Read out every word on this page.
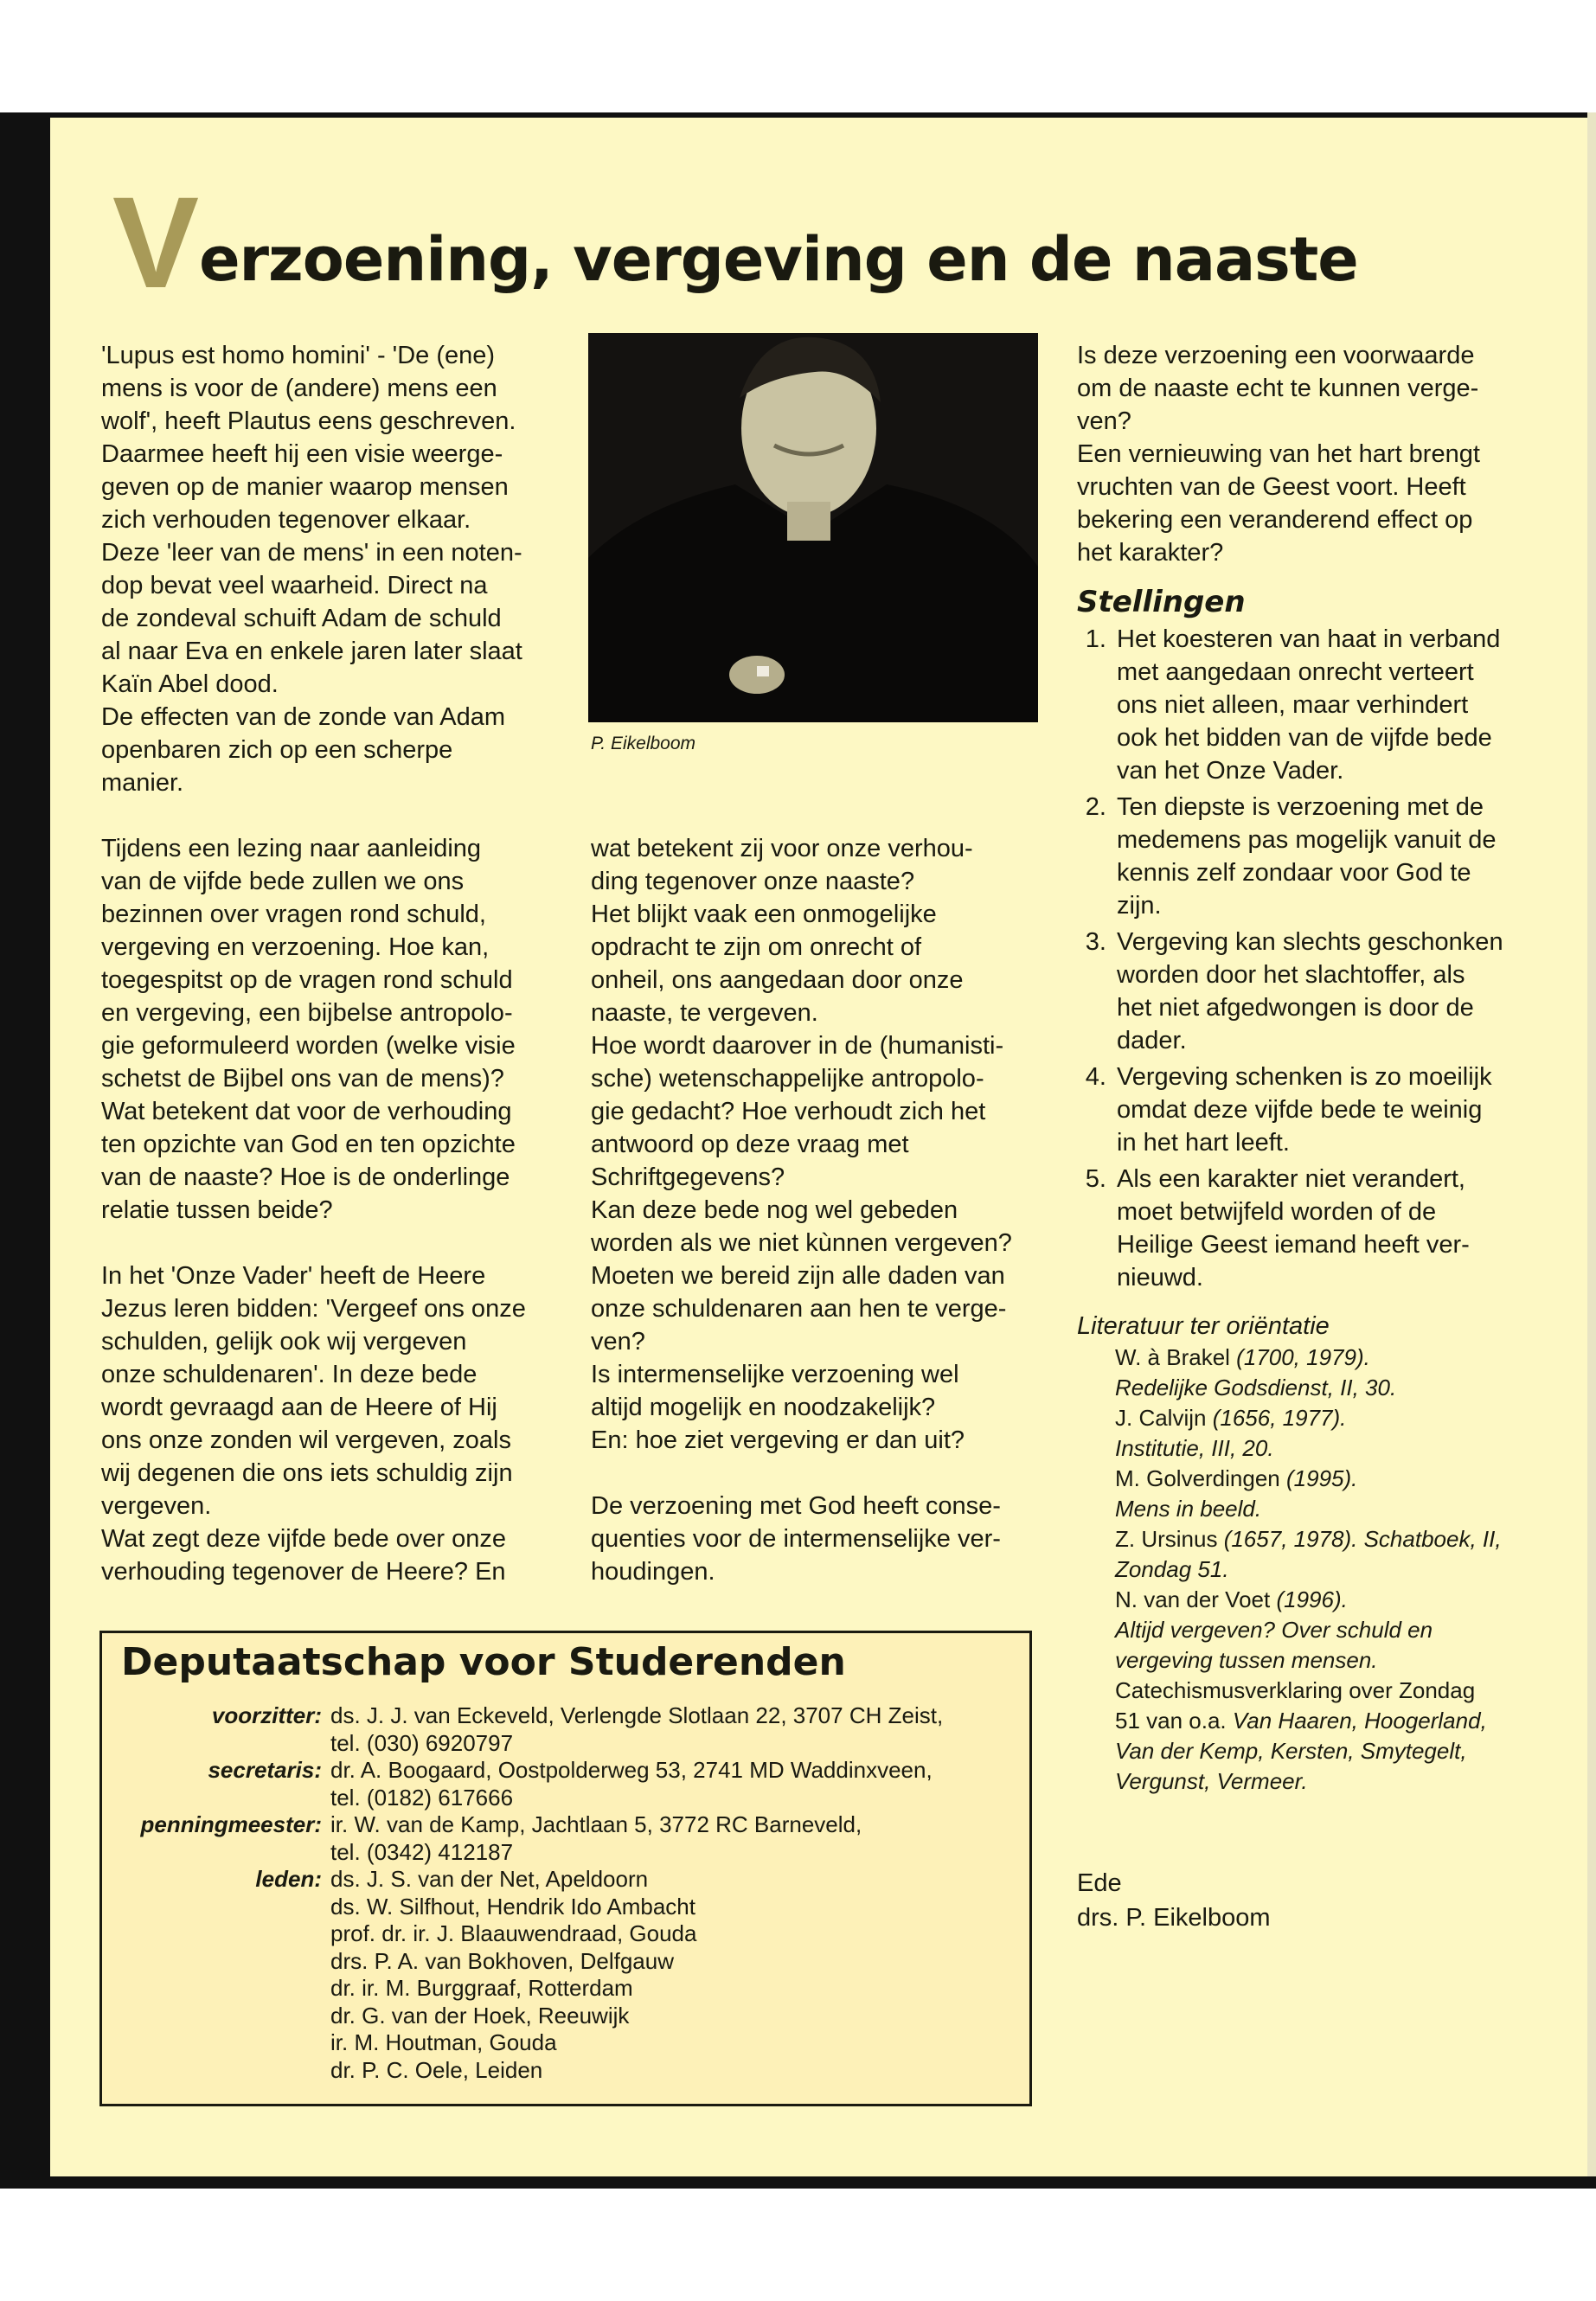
Verzoening, vergeving en de naaste

'Lupus est homo homini' - 'De (ene)
mens is voor de (andere) mens een
wolf', heeft Plautus eens geschreven.
Daarmee heeft hij een visie weerge-
geven op de manier waarop mensen
zich verhouden tegenover elkaar.
Deze 'leer van de mens' in een noten-
dop bevat veel waarheid. Direct na
de zondeval schuift Adam de schuld
al naar Eva en enkele jaren later slaat
Kaïn Abel dood.
De effecten van de zonde van Adam
openbaren zich op een scherpe
manier.

P. Eikelboom

Tijdens een lezing naar aanleiding
van de vijfde bede zullen we ons
bezinnen over vragen rond schuld,
vergeving en verzoening. Hoe kan,
toegespitst op de vragen rond schuld
en vergeving, een bijbelse antropolo-
gie geformuleerd worden (welke visie
schetst de Bijbel ons van de mens)?
Wat betekent dat voor de verhouding
ten opzichte van God en ten opzichte
van de naaste? Hoe is de onderlinge
relatie tussen beide?

In het 'Onze Vader' heeft de Heere
Jezus leren bidden: 'Vergeef ons onze
schulden, gelijk ook wij vergeven
onze schuldenaren'. In deze bede
wordt gevraagd aan de Heere of Hij
ons onze zonden wil vergeven, zoals
wij degenen die ons iets schuldig zijn
vergeven.
Wat zegt deze vijfde bede over onze
verhouding tegenover de Heere? En

wat betekent zij voor onze verhou-
ding tegenover onze naaste?
Het blijkt vaak een onmogelijke
opdracht te zijn om onrecht of
onheil, ons aangedaan door onze
naaste, te vergeven.
Hoe wordt daarover in de (humanisti-
sche) wetenschappelijke antropolo-
gie gedacht? Hoe verhoudt zich het
antwoord op deze vraag met
Schriftgegevens?
Kan deze bede nog wel gebeden
worden als we niet kùnnen vergeven?
Moeten we bereid zijn alle daden van
onze schuldenaren aan hen te verge-
ven?
Is intermenselijke verzoening wel
altijd mogelijk en noodzakelijk?
En: hoe ziet vergeving er dan uit?

De verzoening met God heeft conse-
quenties voor de intermenselijke ver-
houdingen.

Is deze verzoening een voorwaarde
om de naaste echt te kunnen verge-
ven?
Een vernieuwing van het hart brengt
vruchten van de Geest voort. Heeft
bekering een veranderend effect op
het karakter?

Stellingen
1. Het koesteren van haat in verband
met aangedaan onrecht verteert
ons niet alleen, maar verhindert
ook het bidden van de vijfde bede
van het Onze Vader.
2. Ten diepste is verzoening met de
medemens pas mogelijk vanuit de
kennis zelf zondaar voor God te
zijn.
3. Vergeving kan slechts geschonken
worden door het slachtoffer, als
het niet afgedwongen is door de
dader.
4. Vergeving schenken is zo moeilijk
omdat deze vijfde bede te weinig
in het hart leeft.
5. Als een karakter niet verandert,
moet betwijfeld worden of de
Heilige Geest iemand heeft ver-
nieuwd.
Literatuur ter oriëntatie
W. à Brakel (1700, 1979).
Redelijke Godsdienst, II, 30.
J. Calvijn (1656, 1977).
Institutie, III, 20.
M. Golverdingen (1995).
Mens in beeld.
Z. Ursinus (1657, 1978). Schatboek, II,
Zondag 51.
N. van der Voet (1996).
Altijd vergeven? Over schuld en vergeving tussen mensen.
Catechismusverklaring over Zondag
51 van o.a. Van Haaren, Hoogerland,
Van der Kemp, Kersten, Smytegelt,
Vergunst, Vermeer.
Ede
drs. P. Eikelboom
Deputaatschap voor Studerenden
voorzitter: ds. J. J. van Eckeveld, Verlengde Slotlaan 22, 3707 CH Zeist,
tel. (030) 6920797
secretaris: dr. A. Boogaard, Oostpolderweg 53, 2741 MD Waddinxveen,
tel. (0182) 617666
penningmeester: ir. W. van de Kamp, Jachtlaan 5, 3772 RC Barneveld,
tel. (0342) 412187
leden: ds. J. S. van der Net, Apeldoorn
ds. W. Silfhout, Hendrik Ido Ambacht
prof. dr. ir. J. Blaauwendraad, Gouda
drs. P. A. van Bokhoven, Delfgauw
dr. ir. M. Burggraaf, Rotterdam
dr. G. van der Hoek, Reeuwijk
ir. M. Houtman, Gouda
dr. P. C. Oele, Leiden
